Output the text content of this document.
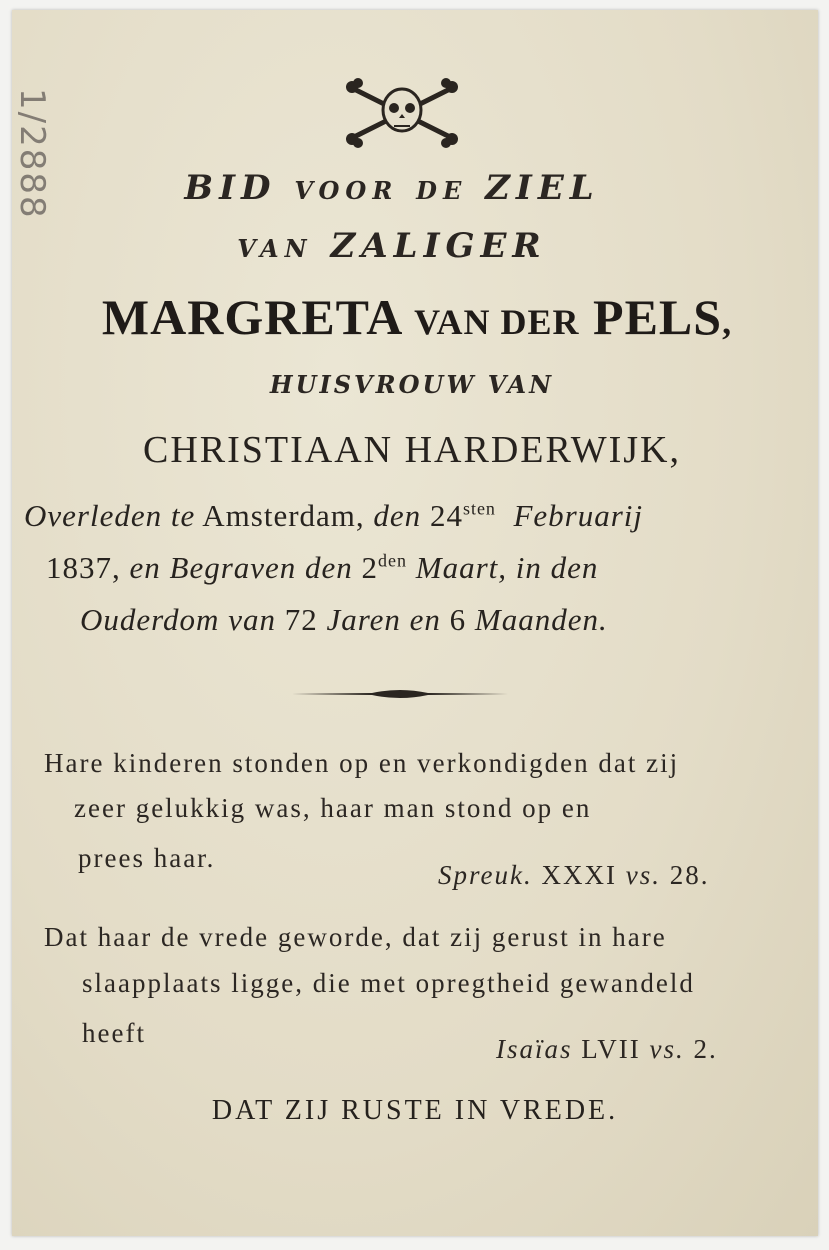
1/2888	BID VOOR DE ZIEL
VAN ZALIGER
MARGRETA VAN DER PELS,
HUISVROUW VAN
CHRISTIAAN HARDERWIJK,
Overleden te Amsterdam, den $24^{sten}$ Februarij
1837, en Begraven den $2^{den}$ Maart, in den
Ouderdom van 72 Jaren en 6 Maanden.
Hare kinderen stonden op en verkondigden dat zij
zeer gelukkig was, haar man stond op en
prees haar.
Spreuk. XXXI vs. 28.
Dat haar de vrede geworde, dat zij gerust in hare
slaapplaats ligge, die met opregtheid gewandeld
heeft
Isaïas LVII vs. 2.
DAT ZIJ RUSTE IN VREDE.
